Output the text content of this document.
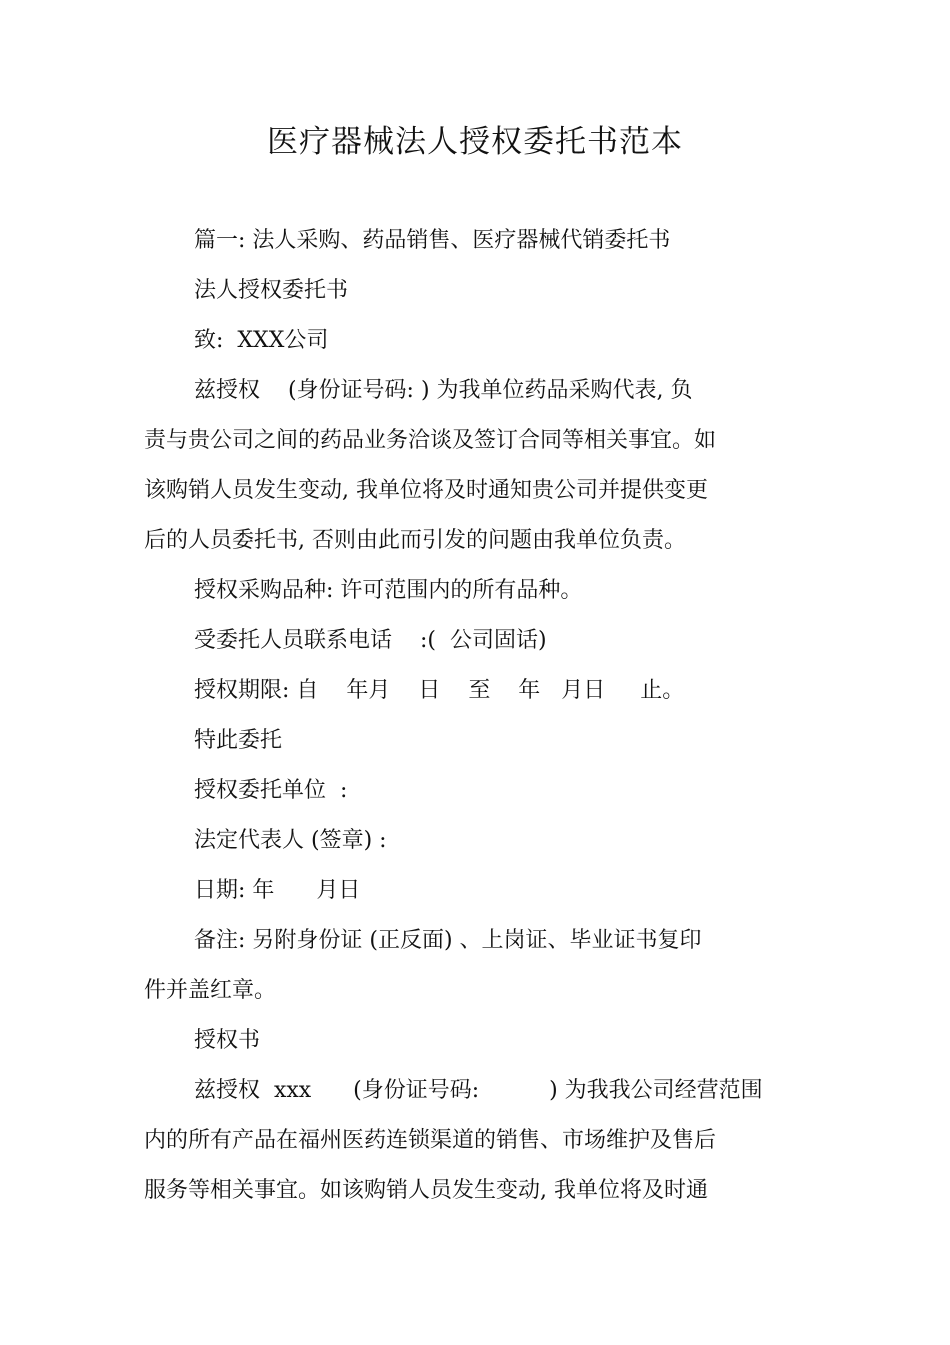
医疗器械法人授权委托书范本
篇一: 法人采购、药品销售、医疗器械代销委托书
法人授权委托书
致:  XXX公司
兹授权    (身份证号码: ) 为我单位药品采购代表, 负
责与贵公司之间的药品业务洽谈及签订合同等相关事宜。如
该购销人员发生变动, 我单位将及时通知贵公司并提供变更
后的人员委托书, 否则由此而引发的问题由我单位负责。
授权采购品种: 许可范围内的所有品种。
受委托人员联系电话    :(  公司固话)
授权期限: 自    年月    日    至    年   月日     止。
特此委托
授权委托单位  :
法定代表人 (签章) :
日期: 年      月日
备注: 另附身份证 (正反面) 、上岗证、毕业证书复印
件并盖红章。
授权书
兹授权  xxx      (身份证号码:          ) 为我我公司经营范围
内的所有产品在福州医药连锁渠道的销售、市场维护及售后
服务等相关事宜。如该购销人员发生变动, 我单位将及时通
